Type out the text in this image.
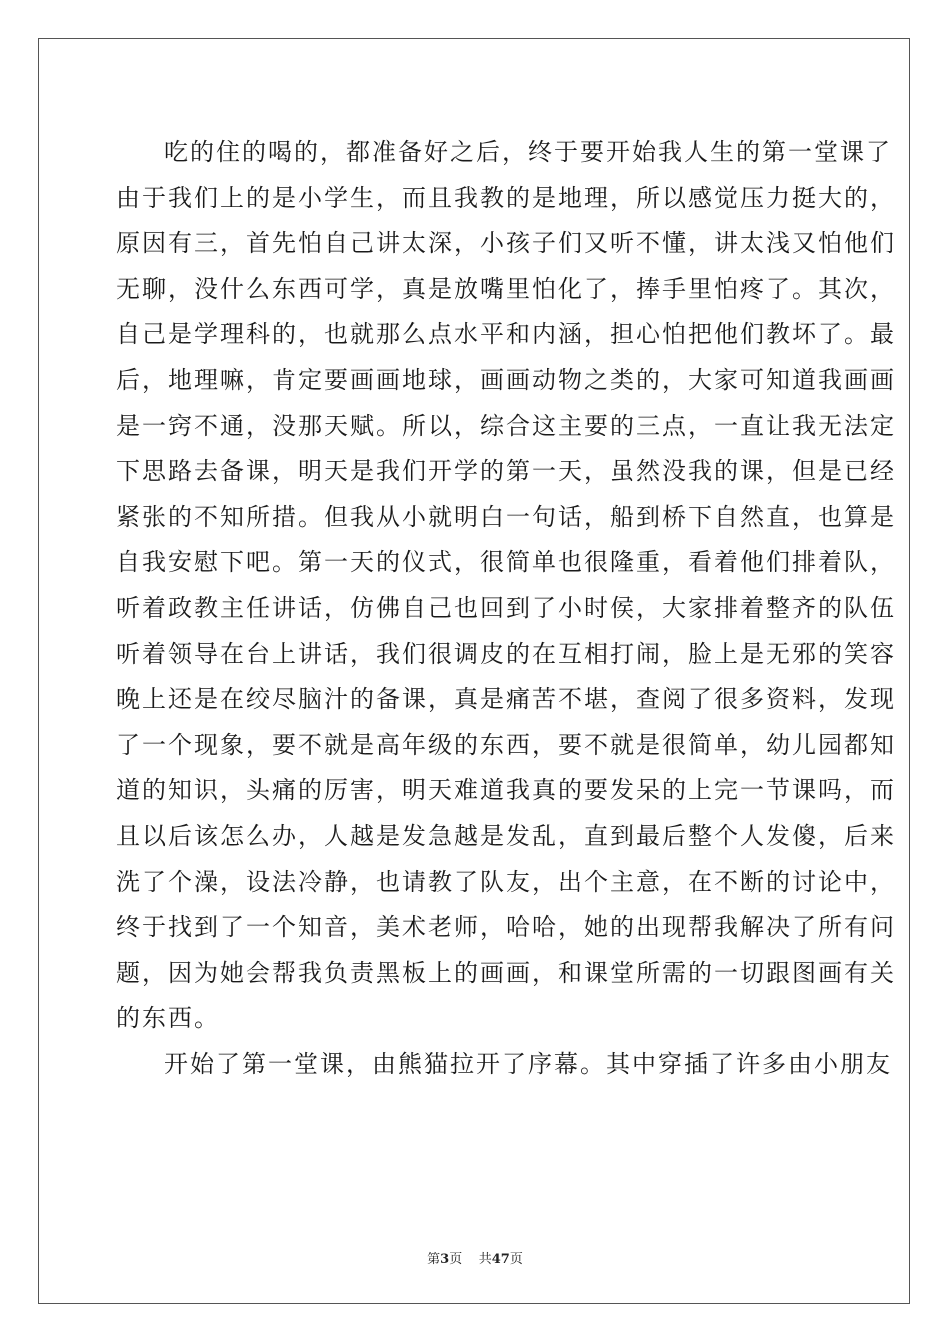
吃的住的喝的，都准备好之后，终于要开始我人生的第一堂课了
由于我们上的是小学生，而且我教的是地理，所以感觉压力挺大的，
原因有三，首先怕自己讲太深，小孩子们又听不懂，讲太浅又怕他们
无聊，没什么东西可学，真是放嘴里怕化了，捧手里怕疼了。其次，
自己是学理科的，也就那么点水平和内涵，担心怕把他们教坏了。最
后，地理嘛，肯定要画画地球，画画动物之类的，大家可知道我画画
是一窍不通，没那天赋。所以，综合这主要的三点，一直让我无法定
下思路去备课，明天是我们开学的第一天，虽然没我的课，但是已经
紧张的不知所措。但我从小就明白一句话，船到桥下自然直，也算是
自我安慰下吧。第一天的仪式，很简单也很隆重，看着他们排着队，
听着政教主任讲话，仿佛自己也回到了小时侯，大家排着整齐的队伍
听着领导在台上讲话，我们很调皮的在互相打闹，脸上是无邪的笑容
晚上还是在绞尽脑汁的备课，真是痛苦不堪，查阅了很多资料，发现
了一个现象，要不就是高年级的东西，要不就是很简单，幼儿园都知
道的知识，头痛的厉害，明天难道我真的要发呆的上完一节课吗，而
且以后该怎么办，人越是发急越是发乱，直到最后整个人发傻，后来
洗了个澡，设法冷静，也请教了队友，出个主意，在不断的讨论中，
终于找到了一个知音，美术老师，哈哈，她的出现帮我解决了所有问
题，因为她会帮我负责黑板上的画画，和课堂所需的一切跟图画有关
的东西。
开始了第一堂课，由熊猫拉开了序幕。其中穿插了许多由小朋友
第3页 共47页
